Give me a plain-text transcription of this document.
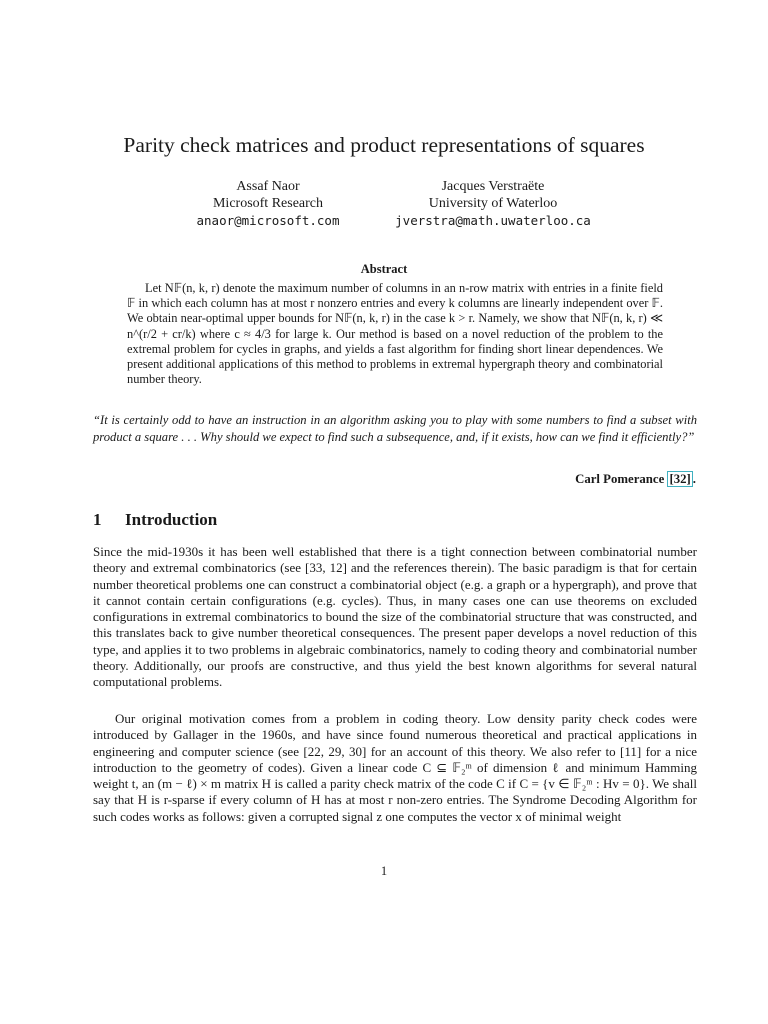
Parity check matrices and product representations of squares
Assaf Naor
Microsoft Research
anaor@microsoft.com
Jacques Verstraëte
University of Waterloo
jverstra@math.uwaterloo.ca
Abstract
Let N𝔽(n, k, r) denote the maximum number of columns in an n-row matrix with entries in a finite field 𝔽 in which each column has at most r nonzero entries and every k columns are linearly independent over 𝔽. We obtain near-optimal upper bounds for N𝔽(n, k, r) in the case k > r. Namely, we show that N𝔽(n, k, r) ≪ n^(r/2 + cr/k) where c ≈ 4/3 for large k. Our method is based on a novel reduction of the problem to the extremal problem for cycles in graphs, and yields a fast algorithm for finding short linear dependences. We present additional applications of this method to problems in extremal hypergraph theory and combinatorial number theory.
“It is certainly odd to have an instruction in an algorithm asking you to play with some numbers to find a subset with product a square . . . Why should we expect to find such a subsequence, and, if it exists, how can we find it efficiently?”
Carl Pomerance [32] .
1 Introduction
Since the mid-1930s it has been well established that there is a tight connection between combinatorial number theory and extremal combinatorics (see [33, 12] and the references therein). The basic paradigm is that for certain number theoretical problems one can construct a combinatorial object (e.g. a graph or a hypergraph), and prove that it cannot contain certain configurations (e.g. cycles). Thus, in many cases one can use theorems on excluded configurations in extremal combinatorics to bound the size of the combinatorial structure that was constructed, and this translates back to give number theoretical consequences. The present paper develops a novel reduction of this type, and applies it to two problems in algebraic combinatorics, namely to coding theory and combinatorial number theory. Additionally, our proofs are constructive, and thus yield the best known algorithms for several natural computational problems.
Our original motivation comes from a problem in coding theory. Low density parity check codes were introduced by Gallager in the 1960s, and have since found numerous theoretical and practical applications in engineering and computer science (see [22, 29, 30] for an account of this theory. We also refer to [11] for a nice introduction to the geometry of codes). Given a linear code C ⊆ 𝔽₂ᵐ of dimension ℓ and minimum Hamming weight t, an (m − ℓ) × m matrix H is called a parity check matrix of the code C if C = {v ∈ 𝔽₂ᵐ : Hv = 0}. We shall say that H is r-sparse if every column of H has at most r non-zero entries. The Syndrome Decoding Algorithm for such codes works as follows: given a corrupted signal z one computes the vector x of minimal weight
1
